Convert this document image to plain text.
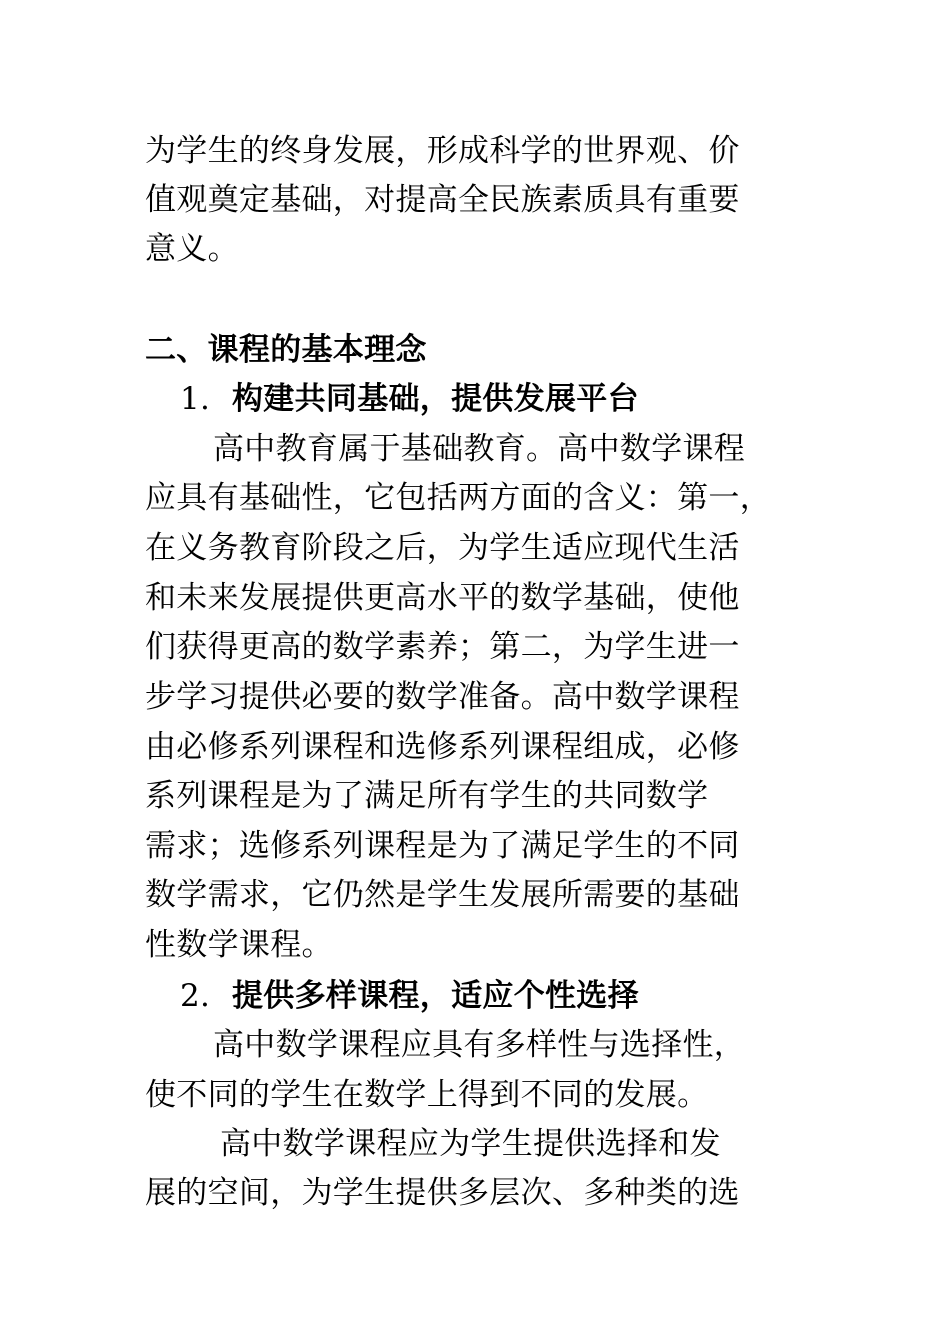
为学生的终身发展，形成科学的世界观、价
值观奠定基础，对提高全民族素质具有重要
意义。
二、课程的基本理念
1. 构建共同基础，提供发展平台
高中教育属于基础教育。高中数学课程
应具有基础性，它包括两方面的含义：第一，
在义务教育阶段之后，为学生适应现代生活
和未来发展提供更高水平的数学基础，使他
们获得更高的数学素养；第二，为学生进一
步学习提供必要的数学准备。高中数学课程
由必修系列课程和选修系列课程组成，必修
系列课程是为了满足所有学生的共同数学
需求；选修系列课程是为了满足学生的不同
数学需求，它仍然是学生发展所需要的基础
性数学课程。
2. 提供多样课程，适应个性选择
高中数学课程应具有多样性与选择性，
使不同的学生在数学上得到不同的发展。
高中数学课程应为学生提供选择和发
展的空间，为学生提供多层次、多种类的选
